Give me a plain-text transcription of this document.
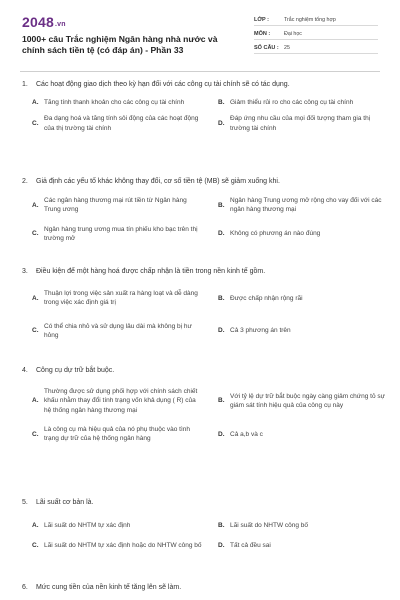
2048.vn
1000+ câu Trắc nghiệm Ngân hàng nhà nước và chính sách tiền tệ (có đáp án) - Phần 33
LỚP :	Trắc nghiệm tổng hợp
MÔN :	Đại học
SỐ CÂU : 25
1.	Các hoạt động giao dịch theo kỳ hạn đối với các công cụ tài chính sẽ có tác dụng.
A. Tăng tính thanh khoản cho các công cụ tài chính	B. Giảm thiểu rủi ro cho các công cụ tài chính
C.
Đa dạng hoá và tăng tính sôi động của các hoạt động của thị trường tài chính
D.
Đáp ứng nhu cầu của mọi đối tượng tham gia thị trường tài chính
2.	Giả định các yếu tố khác không thay đổi, cơ số tiền tệ (MB) sẽ giảm xuống khi.
A.
Các ngân hàng thương mại rút tiền từ Ngân hàng Trung ương
B.
Ngân hàng Trung ương mở rộng cho vay đối với các ngân hàng thương mại
C.
Ngân hàng trung ương mua tín phiếu kho bạc trên thị trường mở
D. Không có phương án nào đúng
3.	Điều kiện để một hàng hoá được chấp nhận là tiền trong nền kinh tế gồm.
A.
Thuận lợi trong việc sản xuất ra hàng loạt và dễ dàng trong việc xác định giá trị
B. Được chấp nhận rộng rãi
C.
Có thể chia nhỏ và sử dụng lâu dài mà không bị hư hỏng
D. Cả 3 phương án trên
4.	Công cụ dự trữ bắt buộc.
A.
Thường được sử dụng phối hợp với chính sách chiết khấu nhằm thay đổi tính trạng vốn khả dụng ( R) của hệ thống ngân hàng thương mại
B.
Với tỷ lệ dự trữ bắt buộc ngày càng giảm chứng tỏ sự giám sát tính hiệu quả của công cụ này
C.
Là công cụ mà hiệu quả của nó phụ thuộc vào tình trạng dự trữ của hệ thống ngân hàng
D. Cả a,b và c
5.	Lãi suất cơ bản là.
A. Lãi suất do NHTM tự xác định	B. Lãi suất do NHTW công bố
C. Lãi suất do NHTM tự xác định hoặc do NHTW công bố	D. Tất cả đều sai
6.	Mức cung tiền của nền kinh tế tăng lên sẽ làm.
